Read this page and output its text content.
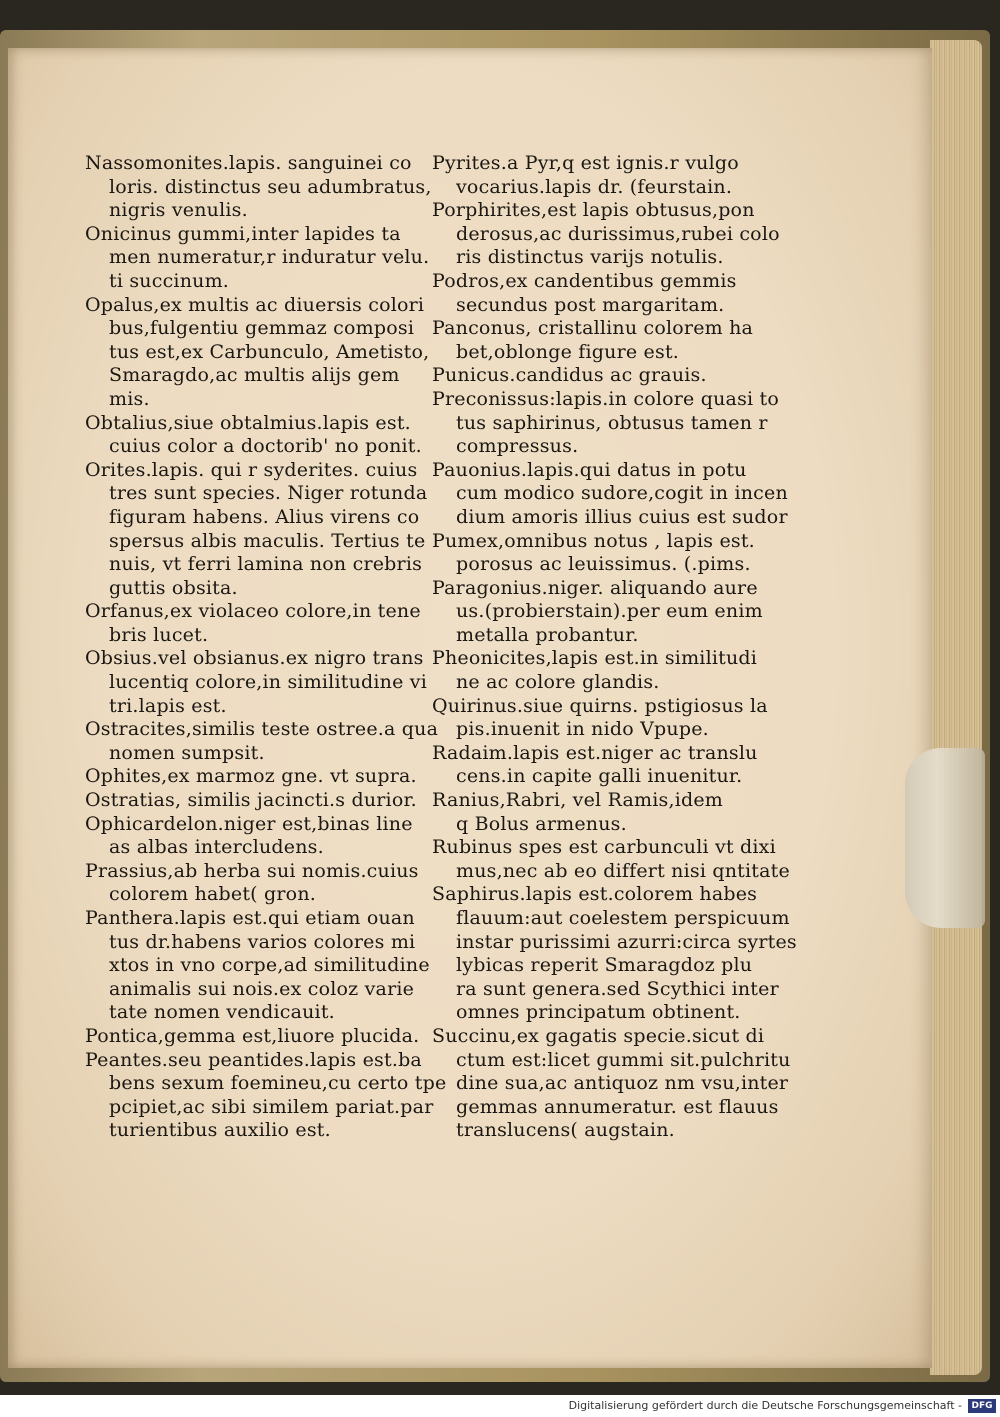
Nassomonites.lapis. sanguinei co
loris. distinctus seu adumbratus,
nigris venulis.
Onicinus gummi,inter lapides ta
men numeratur,r induratur velu.
ti succinum.
Opalus,ex multis ac diuersis colori
bus,fulgentiu gemmaz composi
tus est,ex Carbunculo, Ametisto,
Smaragdo,ac multis alijs gem
mis.
Obtalius,siue obtalmius.lapis est.
cuius color a doctorib' no ponit.
Orites.lapis. qui r syderites. cuius
tres sunt species. Niger rotunda
figuram habens. Alius virens co
spersus albis maculis. Tertius te
nuis, vt ferri lamina non crebris
guttis obsita.
Orfanus,ex violaceo colore,in tene
bris lucet.
Obsius.vel obsianus.ex nigro trans
lucentiq colore,in similitudine vi
tri.lapis est.
Ostracites,similis teste ostree.a qua
nomen sumpsit.
Ophites,ex marmoz gne. vt supra.
Ostratias, similis jacincti.s durior.
Ophicardelon.niger est,binas line
as albas intercludens.
Prassius,ab herba sui nomis.cuius
colorem habet( gron.
Panthera.lapis est.qui etiam ouan
tus dr.habens varios colores mi
xtos in vno corpe,ad similitudine
animalis sui nois.ex coloz varie
tate nomen vendicauit.
Pontica,gemma est,liuore plucida.
Peantes.seu peantides.lapis est.ba
bens sexum foemineu,cu certo tpe
pcipiet,ac sibi similem pariat.par
turientibus auxilio est.
Pyrites.a Pyr,q est ignis.r vulgo
vocarius.lapis dr. (feurstain.
Porphirites,est lapis obtusus,pon
derosus,ac durissimus,rubei colo
ris distinctus varijs notulis.
Podros,ex candentibus gemmis
secundus post margaritam.
Panconus, cristallinu colorem ha
bet,oblonge figure est.
Punicus.candidus ac grauis.
Preconissus:lapis.in colore quasi to
tus saphirinus, obtusus tamen r
compressus.
Pauonius.lapis.qui datus in potu
cum modico sudore,cogit in incen
dium amoris illius cuius est sudor
Pumex,omnibus notus , lapis est.
porosus ac leuissimus. (.pims.
Paragonius.niger. aliquando aure
us.(probierstain).per eum enim
metalla probantur.
Pheonicites,lapis est.in similitudi
ne ac colore glandis.
Quirinus.siue quirns. pstigiosus la
pis.inuenit in nido Vpupe.
Radaim.lapis est.niger ac translu
cens.in capite galli inuenitur.
Ranius,Rabri, vel Ramis,idem
q Bolus armenus.
Rubinus spes est carbunculi vt dixi
mus,nec ab eo differt nisi qntitate
Saphirus.lapis est.colorem habes
flauum:aut coelestem perspicuum
instar purissimi azurri:circa syrtes
lybicas reperit Smaragdoz plu
ra sunt genera.sed Scythici inter
omnes principatum obtinent.
Succinu,ex gagatis specie.sicut di
ctum est:licet gummi sit.pulchritu
dine sua,ac antiquoz nm vsu,inter
gemmas annumeratur. est flauus
translucens( augstain.
Digitalisierung gefördert durch die Deutsche Forschungsgemeinschaft -	DFG
